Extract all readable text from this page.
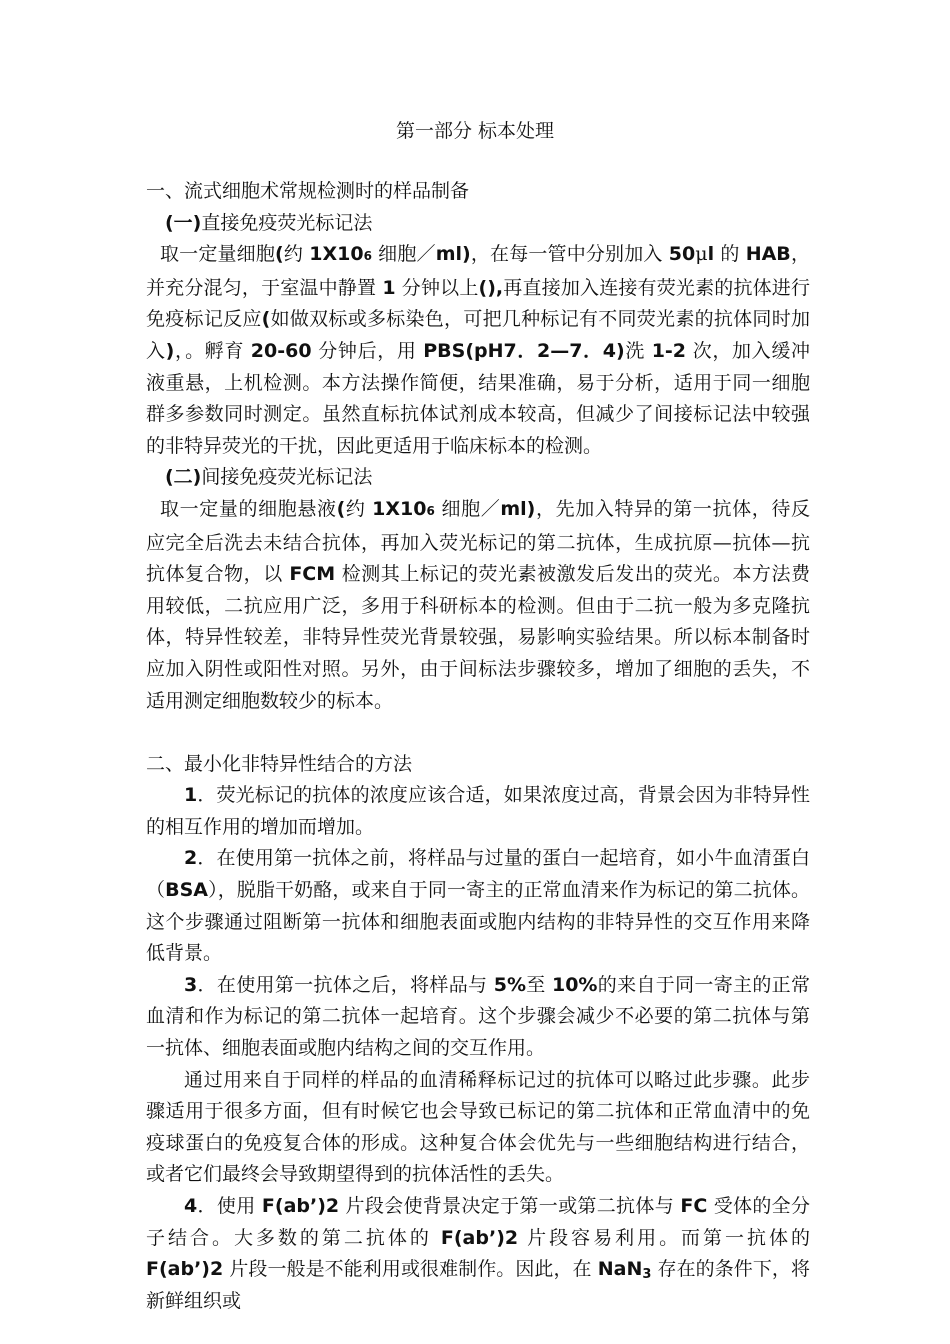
第一部分 标本处理

一、流式细胞术常规检测时的样品制备

(一)直接免疫荧光标记法

取一定量细胞(约 1X106 细胞／ml)，在每一管中分别加入 50μl 的 HAB，并充分混匀，于室温中静置 1 分钟以上(),再直接加入连接有荧光素的抗体进行免疫标记反应(如做双标或多标染色，可把几种标记有不同荧光素的抗体同时加入)，。孵育 20-60 分钟后，用 PBS(pH7．2—7．4)洗 1-2 次，加入缓冲液重悬，上机检测。本方法操作简便，结果准确，易于分析，适用于同一细胞群多参数同时测定。虽然直标抗体试剂成本较高，但减少了间接标记法中较强的非特异荧光的干扰，因此更适用于临床标本的检测。

(二)间接免疫荧光标记法

取一定量的细胞悬液(约 1X106 细胞／ml)，先加入特异的第一抗体，待反应完全后洗去未结合抗体，再加入荧光标记的第二抗体，生成抗原—抗体—抗抗体复合物，以 FCM 检测其上标记的荧光素被激发后发出的荧光。本方法费用较低，二抗应用广泛，多用于科研标本的检测。但由于二抗一般为多克隆抗体，特异性较差，非特异性荧光背景较强，易影响实验结果。所以标本制备时应加入阴性或阳性对照。另外，由于间标法步骤较多，增加了细胞的丢失，不适用测定细胞数较少的标本。

二、最小化非特异性结合的方法

1．荧光标记的抗体的浓度应该合适，如果浓度过高，背景会因为非特异性的相互作用的增加而增加。

2．在使用第一抗体之前，将样品与过量的蛋白一起培育，如小牛血清蛋白（BSA），脱脂干奶酪，或来自于同一寄主的正常血清来作为标记的第二抗体。这个步骤通过阻断第一抗体和细胞表面或胞内结构的非特异性的交互作用来降低背景。

3．在使用第一抗体之后，将样品与 5%至 10%的来自于同一寄主的正常血清和作为标记的第二抗体一起培育。这个步骤会减少不必要的第二抗体与第一抗体、细胞表面或胞内结构之间的交互作用。

通过用来自于同样的样品的血清稀释标记过的抗体可以略过此步骤。此步骤适用于很多方面，但有时候它也会导致已标记的第二抗体和正常血清中的免疫球蛋白的免疫复合体的形成。这种复合体会优先与一些细胞结构进行结合，或者它们最终会导致期望得到的抗体活性的丢失。

4．使用 F(ab’)2 片段会使背景决定于第一或第二抗体与 FC 受体的全分子结合。大多数的第二抗体的 F(ab’)2 片段容易利用。而第一抗体的 F(ab’)2 片段一般是不能利用或很难制作。因此，在 NaN$_3$ 存在的条件下，将新鲜组织或
